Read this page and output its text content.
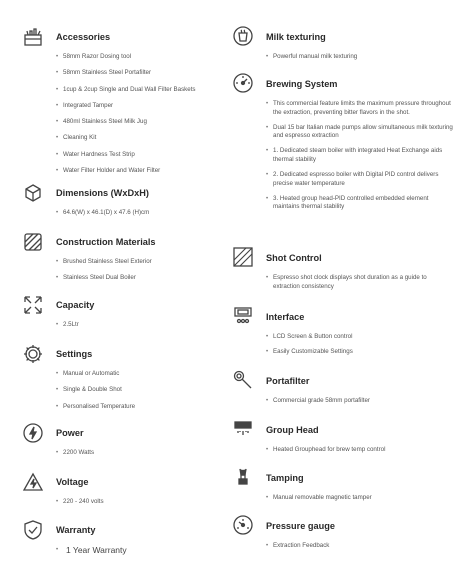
Accessories
• 58mm Razor Dosing tool
• 58mm Stainless Steel Portafilter
• 1cup & 2cup Single and Dual Wall Filter Baskets
• Integrated Tamper
• 480ml Stainless Steel Milk Jug
• Cleaning Kit
• Water Hardness Test Strip
• Water Filter Holder and Water Filter
Dimensions (WxDxH)
• 64.6(W) x 46.1(D) x 47.6 (H)cm
Construction Materials
• Brushed Stainless Steel Exterior
• Stainless Steel Dual Boiler
Capacity
• 2.5Ltr
Settings
• Manual or Automatic
• Single & Double Shot
• Personalised Temperature
Power
• 2200 Watts
Voltage
• 220 - 240 volts
Warranty
• 1 Year Warranty
Milk texturing
• Powerful manual milk texturing
Brewing System
• This commercial feature limits the maximum pressure throughout the extraction, preventing bitter flavors in the shot.
• Dual 15 bar Italian made pumps allow simultaneous milk texturing and espresso extraction
• 1. Dedicated steam boiler with integrated Heat Exchange aids thermal stability
• 2. Dedicated espresso boiler with Digital PID control delivers precise water temperature
• 3. Heated group head-PID controlled embedded element maintains thermal stability
Shot Control
• Espresso shot clock displays shot duration as a guide to extraction consistency
Interface
• LCD Screen & Button control
• Easily Customizable Settings
Portafilter
• Commercial grade 58mm portafilter
Group Head
• Heated Grouphead for brew temp control
Tamping
• Manual removable magnetic tamper
Pressure gauge
• Extraction Feedback
